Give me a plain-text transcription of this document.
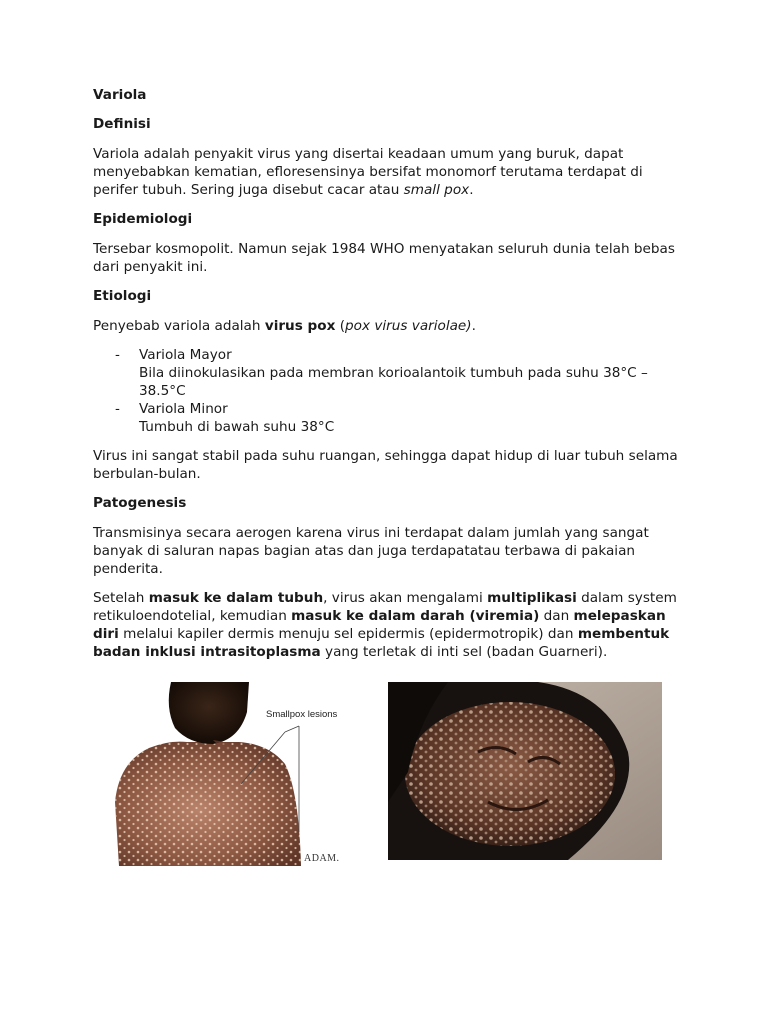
Variola
Definisi

Variola adalah penyakit virus yang disertai keadaan umum yang buruk, dapat menyebabkan kematian, efloresensinya bersifat monomorf terutama terdapat di perifer tubuh. Sering juga disebut cacar atau small pox.

Epidemiologi

Tersebar kosmopolit. Namun sejak 1984 WHO menyatakan seluruh dunia telah bebas dari penyakit ini.

Etiologi

Penyebab variola adalah virus pox (pox virus variolae).

- Variola Mayor
Bila diinokulasikan pada membran korioalantoik tumbuh pada suhu 38°C – 38.5°C
- Variola Minor
Tumbuh di bawah suhu 38°C

Virus ini sangat stabil pada suhu ruangan, sehingga dapat hidup di luar tubuh selama berbulan-bulan.

Patogenesis

Transmisinya secara aerogen karena virus ini terdapat dalam jumlah yang sangat banyak di saluran napas bagian atas dan juga terdapatatau terbawa di pakaian penderita.

Setelah masuk ke dalam tubuh, virus akan mengalami multiplikasi dalam system retikuloendotelial, kemudian masuk ke dalam darah (viremia) dan melepaskan diri melalui kapiler dermis menuju sel epidermis (epidermotropik) dan membentuk badan inklusi intrasitoplasma yang terletak di inti sel (badan Guarneri).

Smallpox lesions
ADAM.
